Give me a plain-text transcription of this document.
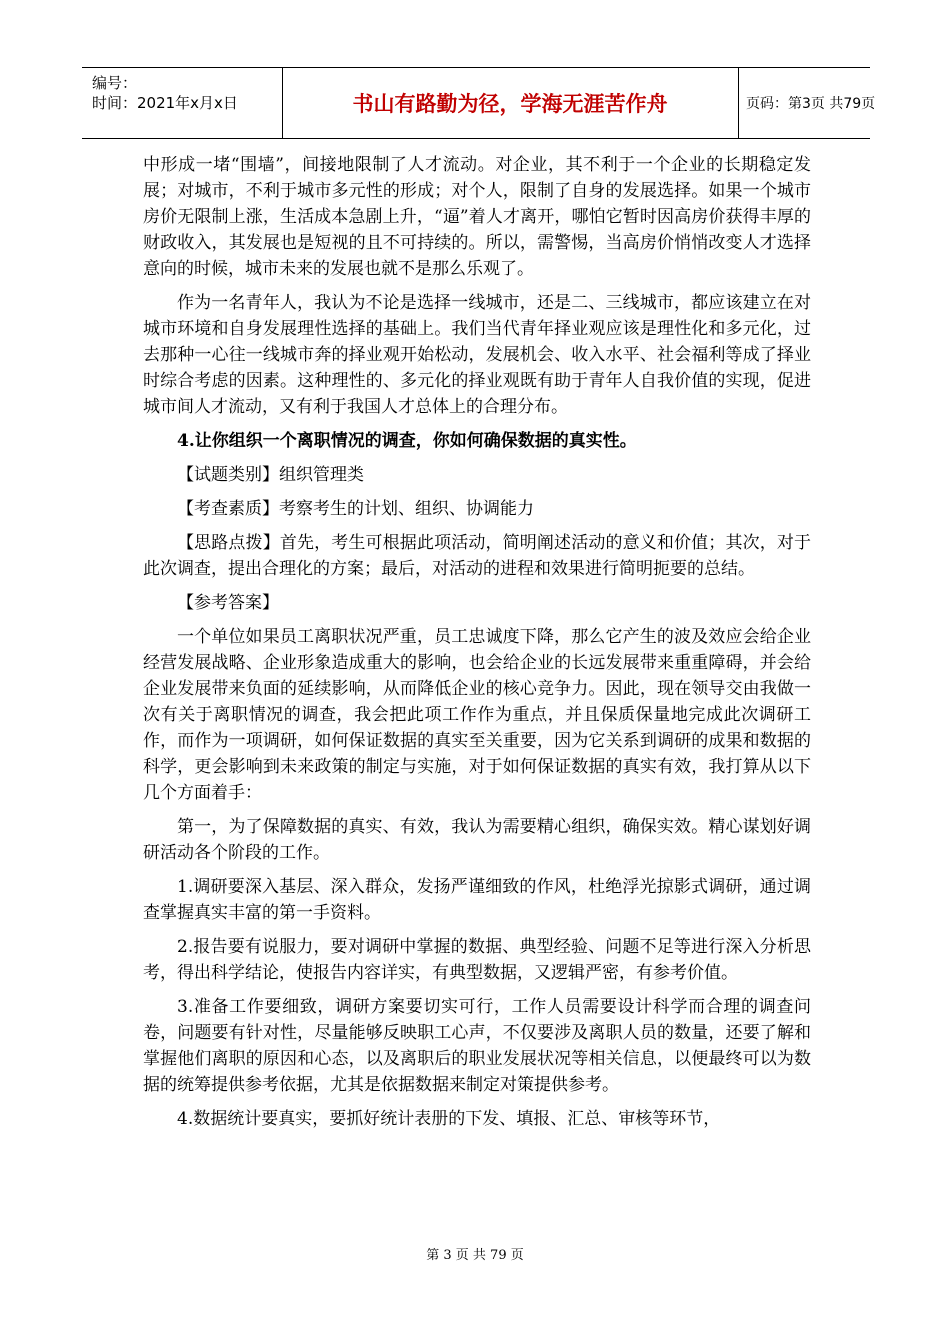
编号：
时间：2021年x月x日	书山有路勤为径，学海无涯苦作舟	页码：第3页 共79页

中形成一堵“围墙”，间接地限制了人才流动。对企业，其不利于一个企业的长期稳定发展；对城市，不利于城市多元性的形成；对个人，限制了自身的发展选择。如果一个城市房价无限制上涨，生活成本急剧上升，“逼”着人才离开，哪怕它暂时因高房价获得丰厚的财政收入，其发展也是短视的且不可持续的。所以，需警惕，当高房价悄悄改变人才选择意向的时候，城市未来的发展也就不是那么乐观了。

作为一名青年人，我认为不论是选择一线城市，还是二、三线城市，都应该建立在对城市环境和自身发展理性选择的基础上。我们当代青年择业观应该是理性化和多元化，过去那种一心往一线城市奔的择业观开始松动，发展机会、收入水平、社会福利等成了择业时综合考虑的因素。这种理性的、多元化的择业观既有助于青年人自我价值的实现，促进城市间人才流动，又有利于我国人才总体上的合理分布。

4.让你组织一个离职情况的调查，你如何确保数据的真实性。

【试题类别】组织管理类

【考查素质】考察考生的计划、组织、协调能力

【思路点拨】首先，考生可根据此项活动，简明阐述活动的意义和价值；其次，对于此次调查，提出合理化的方案；最后，对活动的进程和效果进行简明扼要的总结。

【参考答案】

一个单位如果员工离职状况严重，员工忠诚度下降，那么它产生的波及效应会给企业经营发展战略、企业形象造成重大的影响，也会给企业的长远发展带来重重障碍，并会给企业发展带来负面的延续影响，从而降低企业的核心竞争力。因此，现在领导交由我做一次有关于离职情况的调查，我会把此项工作作为重点，并且保质保量地完成此次调研工作，而作为一项调研，如何保证数据的真实至关重要，因为它关系到调研的成果和数据的科学，更会影响到未来政策的制定与实施，对于如何保证数据的真实有效，我打算从以下几个方面着手：

第一，为了保障数据的真实、有效，我认为需要精心组织，确保实效。精心谋划好调研活动各个阶段的工作。

1.调研要深入基层、深入群众，发扬严谨细致的作风，杜绝浮光掠影式调研，通过调查掌握真实丰富的第一手资料。

2.报告要有说服力，要对调研中掌握的数据、典型经验、问题不足等进行深入分析思考，得出科学结论，使报告内容详实，有典型数据，又逻辑严密，有参考价值。

3.准备工作要细致，调研方案要切实可行，工作人员需要设计科学而合理的调查问卷，问题要有针对性，尽量能够反映职工心声，不仅要涉及离职人员的数量，还要了解和掌握他们离职的原因和心态，以及离职后的职业发展状况等相关信息，以便最终可以为数据的统筹提供参考依据，尤其是依据数据来制定对策提供参考。

4.数据统计要真实，要抓好统计表册的下发、填报、汇总、审核等环节，

第 3 页 共 79 页
